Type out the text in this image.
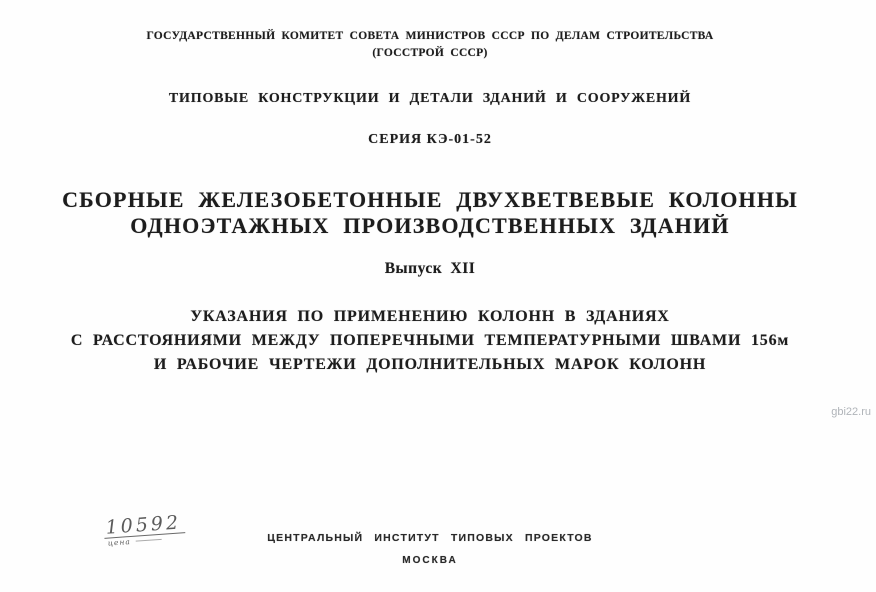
ГОСУДАРСТВЕННЫЙ КОМИТЕТ СОВЕТА МИНИСТРОВ СССР ПО ДЕЛАМ СТРОИТЕЛЬСТВА
(ГОССТРОЙ СССР)
ТИПОВЫЕ КОНСТРУКЦИИ И ДЕТАЛИ ЗДАНИЙ И СООРУЖЕНИЙ
СЕРИЯ КЭ-01-52
СБОРНЫЕ ЖЕЛЕЗОБЕТОННЫЕ ДВУХВЕТВЕВЫЕ КОЛОННЫ
ОДНОЭТАЖНЫХ ПРОИЗВОДСТВЕННЫХ ЗДАНИЙ
Выпуск XII
УКАЗАНИЯ ПО ПРИМЕНЕНИЮ КОЛОНН В ЗДАНИЯХ
С РАССТОЯНИЯМИ МЕЖДУ ПОПЕРЕЧНЫМИ ТЕМПЕРАТУРНЫМИ ШВАМИ 156м
И РАБОЧИЕ ЧЕРТЕЖИ ДОПОЛНИТЕЛЬНЫХ МАРОК КОЛОНН
gbi22.ru
10592
цена	ЦЕНТРАЛЬНЫЙ ИНСТИТУТ ТИПОВЫХ ПРОЕКТОВ
МОСКВА
